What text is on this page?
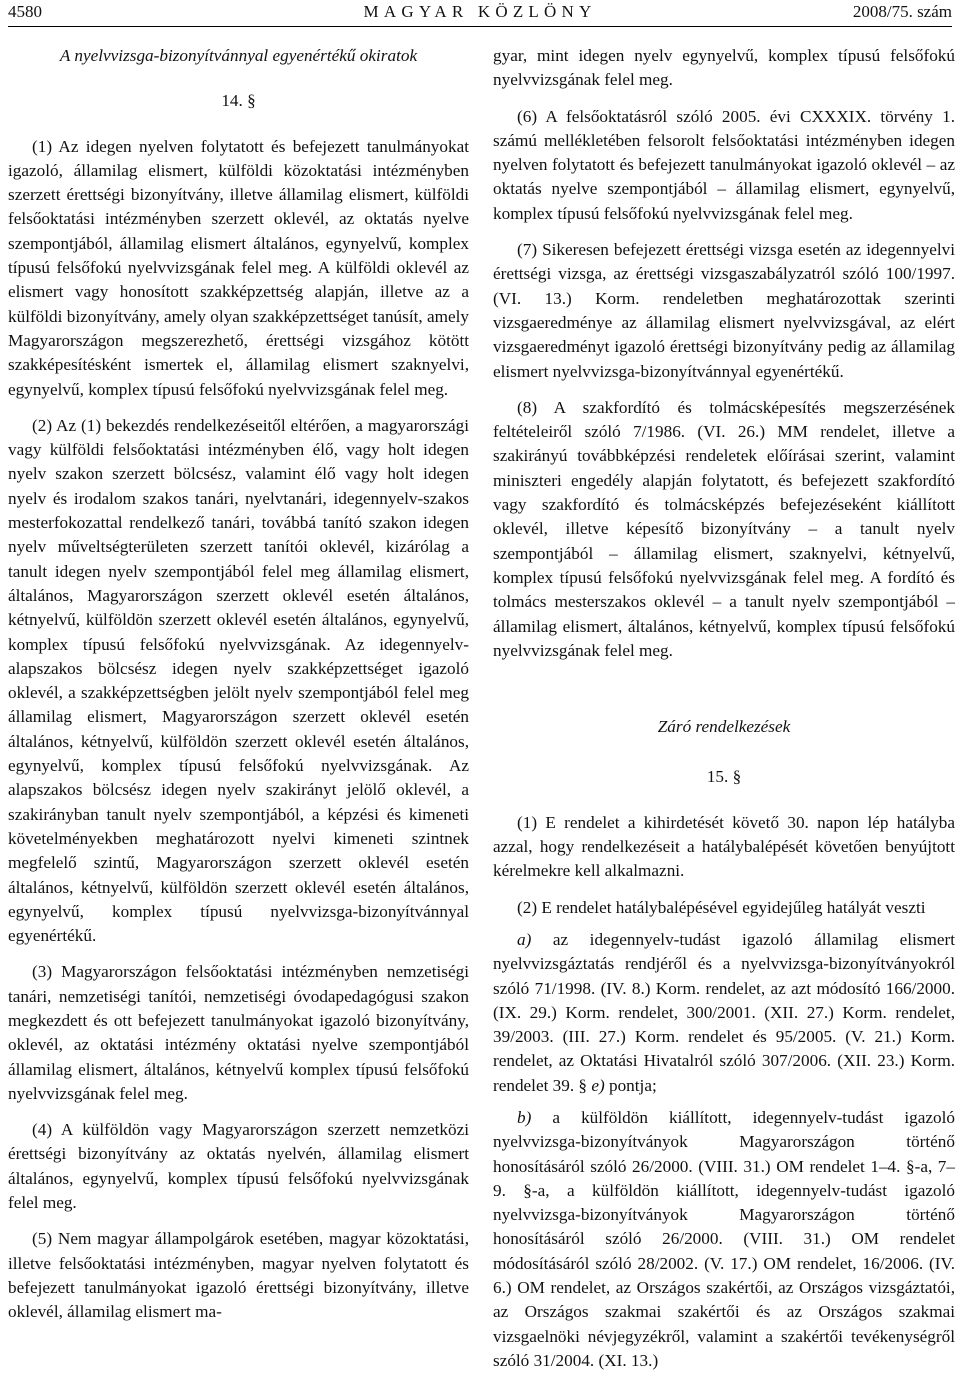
4580	MAGYAR KÖZLÖNY	2008/75. szám

A nyelvvizsga-bizonyítvánnyal egyenértékű okiratok

14. §

(1) Az idegen nyelven folytatott és befejezett tanulmányokat igazoló, államilag elismert, külföldi közoktatási intézményben szerzett érettségi bizonyítvány, illetve államilag elismert, külföldi felsőoktatási intézményben szerzett oklevél, az oktatás nyelve szempontjából, államilag elismert általános, egynyelvű, komplex típusú felsőfokú nyelvvizsgának felel meg. A külföldi oklevél az elismert vagy honosított szakképzettség alapján, illetve az a külföldi bizonyítvány, amely olyan szakképzettséget tanúsít, amely Magyarországon megszerezhető, érettségi vizsgához kötött szakképesítésként ismertek el, államilag elismert szaknyelvi, egynyelvű, komplex típusú felsőfokú nyelvvizsgának felel meg.

(2) Az (1) bekezdés rendelkezéseitől eltérően, a magyarországi vagy külföldi felsőoktatási intézményben élő, vagy holt idegen nyelv szakon szerzett bölcsész, valamint élő vagy holt idegen nyelv és irodalom szakos tanári, nyelvtanári, idegennyelv-szakos mesterfokozattal rendelkező tanári, továbbá tanító szakon idegen nyelv műveltségterületen szerzett tanítói oklevél, kizárólag a tanult idegen nyelv szempontjából felel meg államilag elismert, általános, Magyarországon szerzett oklevél esetén általános, kétnyelvű, külföldön szerzett oklevél esetén általános, egynyelvű, komplex típusú felsőfokú nyelvvizsgának. Az idegennyelv-alapszakos bölcsész idegen nyelv szakképzettséget igazoló oklevél, a szakképzettségben jelölt nyelv szempontjából felel meg államilag elismert, Magyarországon szerzett oklevél esetén általános, kétnyelvű, külföldön szerzett oklevél esetén általános, egynyelvű, komplex típusú felsőfokú nyelvvizsgának. Az alapszakos bölcsész idegen nyelv szakirányt jelölő oklevél, a szakirányban tanult nyelv szempontjából, a képzési és kimeneti követelményekben meghatározott nyelvi kimeneti szintnek megfelelő szintű, Magyarországon szerzett oklevél esetén általános, kétnyelvű, külföldön szerzett oklevél esetén általános, egynyelvű, komplex típusú nyelvvizsga-bizonyítvánnyal egyenértékű.

(3) Magyarországon felsőoktatási intézményben nemzetiségi tanári, nemzetiségi tanítói, nemzetiségi óvodapedagógusi szakon megkezdett és ott befejezett tanulmányokat igazoló bizonyítvány, oklevél, az oktatási intézmény oktatási nyelve szempontjából államilag elismert, általános, kétnyelvű komplex típusú felsőfokú nyelvvizsgának felel meg.

(4) A külföldön vagy Magyarországon szerzett nemzetközi érettségi bizonyítvány az oktatás nyelvén, államilag elismert általános, egynyelvű, komplex típusú felsőfokú nyelvvizsgának felel meg.

(5) Nem magyar állampolgárok esetében, magyar közoktatási, illetve felsőoktatási intézményben, magyar nyelven folytatott és befejezett tanulmányokat igazoló érettségi bizonyítvány, illetve oklevél, államilag elismert ma-

gyar, mint idegen nyelv egynyelvű, komplex típusú felsőfokú nyelvvizsgának felel meg.

(6) A felsőoktatásról szóló 2005. évi CXXXIX. törvény 1. számú mellékletében felsorolt felsőoktatási intézményben idegen nyelven folytatott és befejezett tanulmányokat igazoló oklevél – az oktatás nyelve szempontjából – államilag elismert, egynyelvű, komplex típusú felsőfokú nyelvvizsgának felel meg.

(7) Sikeresen befejezett érettségi vizsga esetén az idegennyelvi érettségi vizsga, az érettségi vizsgaszabályzatról szóló 100/1997. (VI. 13.) Korm. rendeletben meghatározottak szerinti vizsgaeredménye az államilag elismert nyelvvizsgával, az elért vizsgaeredményt igazoló érettségi bizonyítvány pedig az államilag elismert nyelvvizsga-bizonyítvánnyal egyenértékű.

(8) A szakfordító és tolmácsképesítés megszerzésének feltételeiről szóló 7/1986. (VI. 26.) MM rendelet, illetve a szakirányú továbbképzési rendeletek előírásai szerint, valamint miniszteri engedély alapján folytatott, és befejezett szakfordító vagy szakfordító és tolmácsképzés befejezéseként kiállított oklevél, illetve képesítő bizonyítvány – a tanult nyelv szempontjából – államilag elismert, szaknyelvi, kétnyelvű, komplex típusú felsőfokú nyelvvizsgának felel meg. A fordító és tolmács mesterszakos oklevél – a tanult nyelv szempontjából – államilag elismert, általános, kétnyelvű, komplex típusú felsőfokú nyelvvizsgának felel meg.

Záró rendelkezések

15. §

(1) E rendelet a kihirdetését követő 30. napon lép hatályba azzal, hogy rendelkezéseit a hatálybalépését követően benyújtott kérelmekre kell alkalmazni.

(2) E rendelet hatálybalépésével egyidejűleg hatályát veszti

a) az idegennyelv-tudást igazoló államilag elismert nyelvvizsgáztatás rendjéről és a nyelvvizsga-bizonyítványokról szóló 71/1998. (IV. 8.) Korm. rendelet, az azt módosító 166/2000. (IX. 29.) Korm. rendelet, 300/2001. (XII. 27.) Korm. rendelet, 39/2003. (III. 27.) Korm. rendelet és 95/2005. (V. 21.) Korm. rendelet, az Oktatási Hivatalról szóló 307/2006. (XII. 23.) Korm. rendelet 39. § e) pontja;

b) a külföldön kiállított, idegennyelv-tudást igazoló nyelvvizsga-bizonyítványok Magyarországon történő honosításáról szóló 26/2000. (VIII. 31.) OM rendelet 1–4. §-a, 7–9. §-a, a külföldön kiállított, idegennyelv-tudást igazoló nyelvvizsga-bizonyítványok Magyarországon történő honosításáról szóló 26/2000. (VIII. 31.) OM rendelet módosításáról szóló 28/2002. (V. 17.) OM rendelet, 16/2006. (IV. 6.) OM rendelet, az Országos szakértői, az Országos vizsgáztatói, az Országos szakmai szakértői és az Országos szakmai vizsgaelnöki névjegyzékről, valamint a szakértői tevékenységről szóló 31/2004. (XI. 13.)
